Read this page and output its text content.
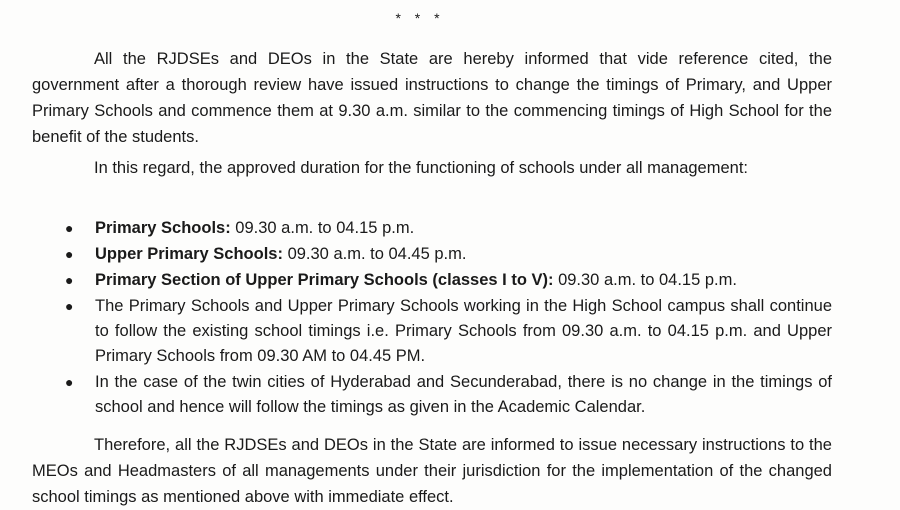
* * *

All the RJDSEs and DEOs in the State are hereby informed that vide reference cited, the government after a thorough review have issued instructions to change the timings of Primary, and Upper Primary Schools and commence them at 9.30 a.m. similar to the commencing timings of High School for the benefit of the students.

In this regard, the approved duration for the functioning of schools under all management:

● Primary Schools: 09.30 a.m. to 04.15 p.m.
● Upper Primary Schools: 09.30 a.m. to 04.45 p.m.
● Primary Section of Upper Primary Schools (classes I to V): 09.30 a.m. to 04.15 p.m.
● The Primary Schools and Upper Primary Schools working in the High School campus shall continue to follow the existing school timings i.e. Primary Schools from 09.30 a.m. to 04.15 p.m. and Upper Primary Schools from 09.30 AM to 04.45 PM.
● In the case of the twin cities of Hyderabad and Secunderabad, there is no change in the timings of school and hence will follow the timings as given in the Academic Calendar.

Therefore, all the RJDSEs and DEOs in the State are informed to issue necessary instructions to the MEOs and Headmasters of all managements under their jurisdiction for the implementation of the changed school timings as mentioned above with immediate effect.
